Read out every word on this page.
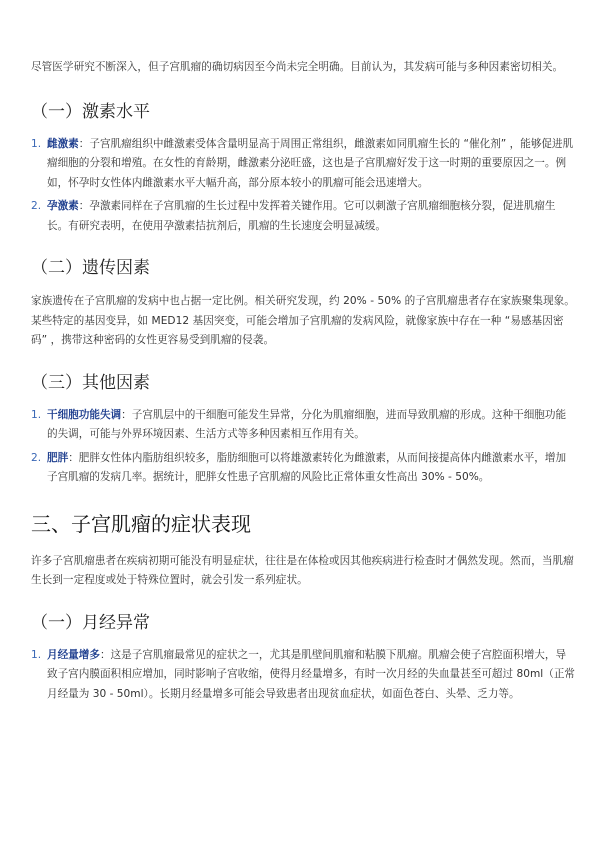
尽管医学研究不断深入，但子宫肌瘤的确切病因至今尚未完全明确。目前认为，其发病可能与多种因素密切相关。

（一）激素水平
1. 雌激素：子宫肌瘤组织中雌激素受体含量明显高于周围正常组织，雌激素如同肌瘤生长的 “催化剂” ，能够促进肌瘤细胞的分裂和增殖。在女性的育龄期，雌激素分泌旺盛，这也是子宫肌瘤好发于这一时期的重要原因之一。例如，怀孕时女性体内雌激素水平大幅升高，部分原本较小的肌瘤可能会迅速增大。
2. 孕激素：孕激素同样在子宫肌瘤的生长过程中发挥着关键作用。它可以刺激子宫肌瘤细胞核分裂，促进肌瘤生长。有研究表明，在使用孕激素拮抗剂后，肌瘤的生长速度会明显减缓。
（二）遗传因素

家族遗传在子宫肌瘤的发病中也占据一定比例。相关研究发现，约 20% - 50% 的子宫肌瘤患者存在家族聚集现象。某些特定的基因变异，如 MED12 基因突变，可能会增加子宫肌瘤的发病风险，就像家族中存在一种 “易感基因密码” ，携带这种密码的女性更容易受到肌瘤的侵袭。

（三）其他因素
1. 干细胞功能失调：子宫肌层中的干细胞可能发生异常，分化为肌瘤细胞，进而导致肌瘤的形成。这种干细胞功能的失调，可能与外界环境因素、生活方式等多种因素相互作用有关。
2. 肥胖：肥胖女性体内脂肪组织较多，脂肪细胞可以将雄激素转化为雌激素，从而间接提高体内雌激素水平，增加子宫肌瘤的发病几率。据统计，肥胖女性患子宫肌瘤的风险比正常体重女性高出 30% - 50%。
三、子宫肌瘤的症状表现

许多子宫肌瘤患者在疾病初期可能没有明显症状，往往是在体检或因其他疾病进行检查时才偶然发现。然而，当肌瘤生长到一定程度或处于特殊位置时，就会引发一系列症状。

（一）月经异常
1. 月经量增多：这是子宫肌瘤最常见的症状之一，尤其是肌壁间肌瘤和粘膜下肌瘤。肌瘤会使子宫腔面积增大，导致子宫内膜面积相应增加，同时影响子宫收缩，使得月经量增多，有时一次月经的失血量甚至可超过 80ml（正常月经量为 30 - 50ml）。长期月经量增多可能会导致患者出现贫血症状，如面色苍白、头晕、乏力等。
